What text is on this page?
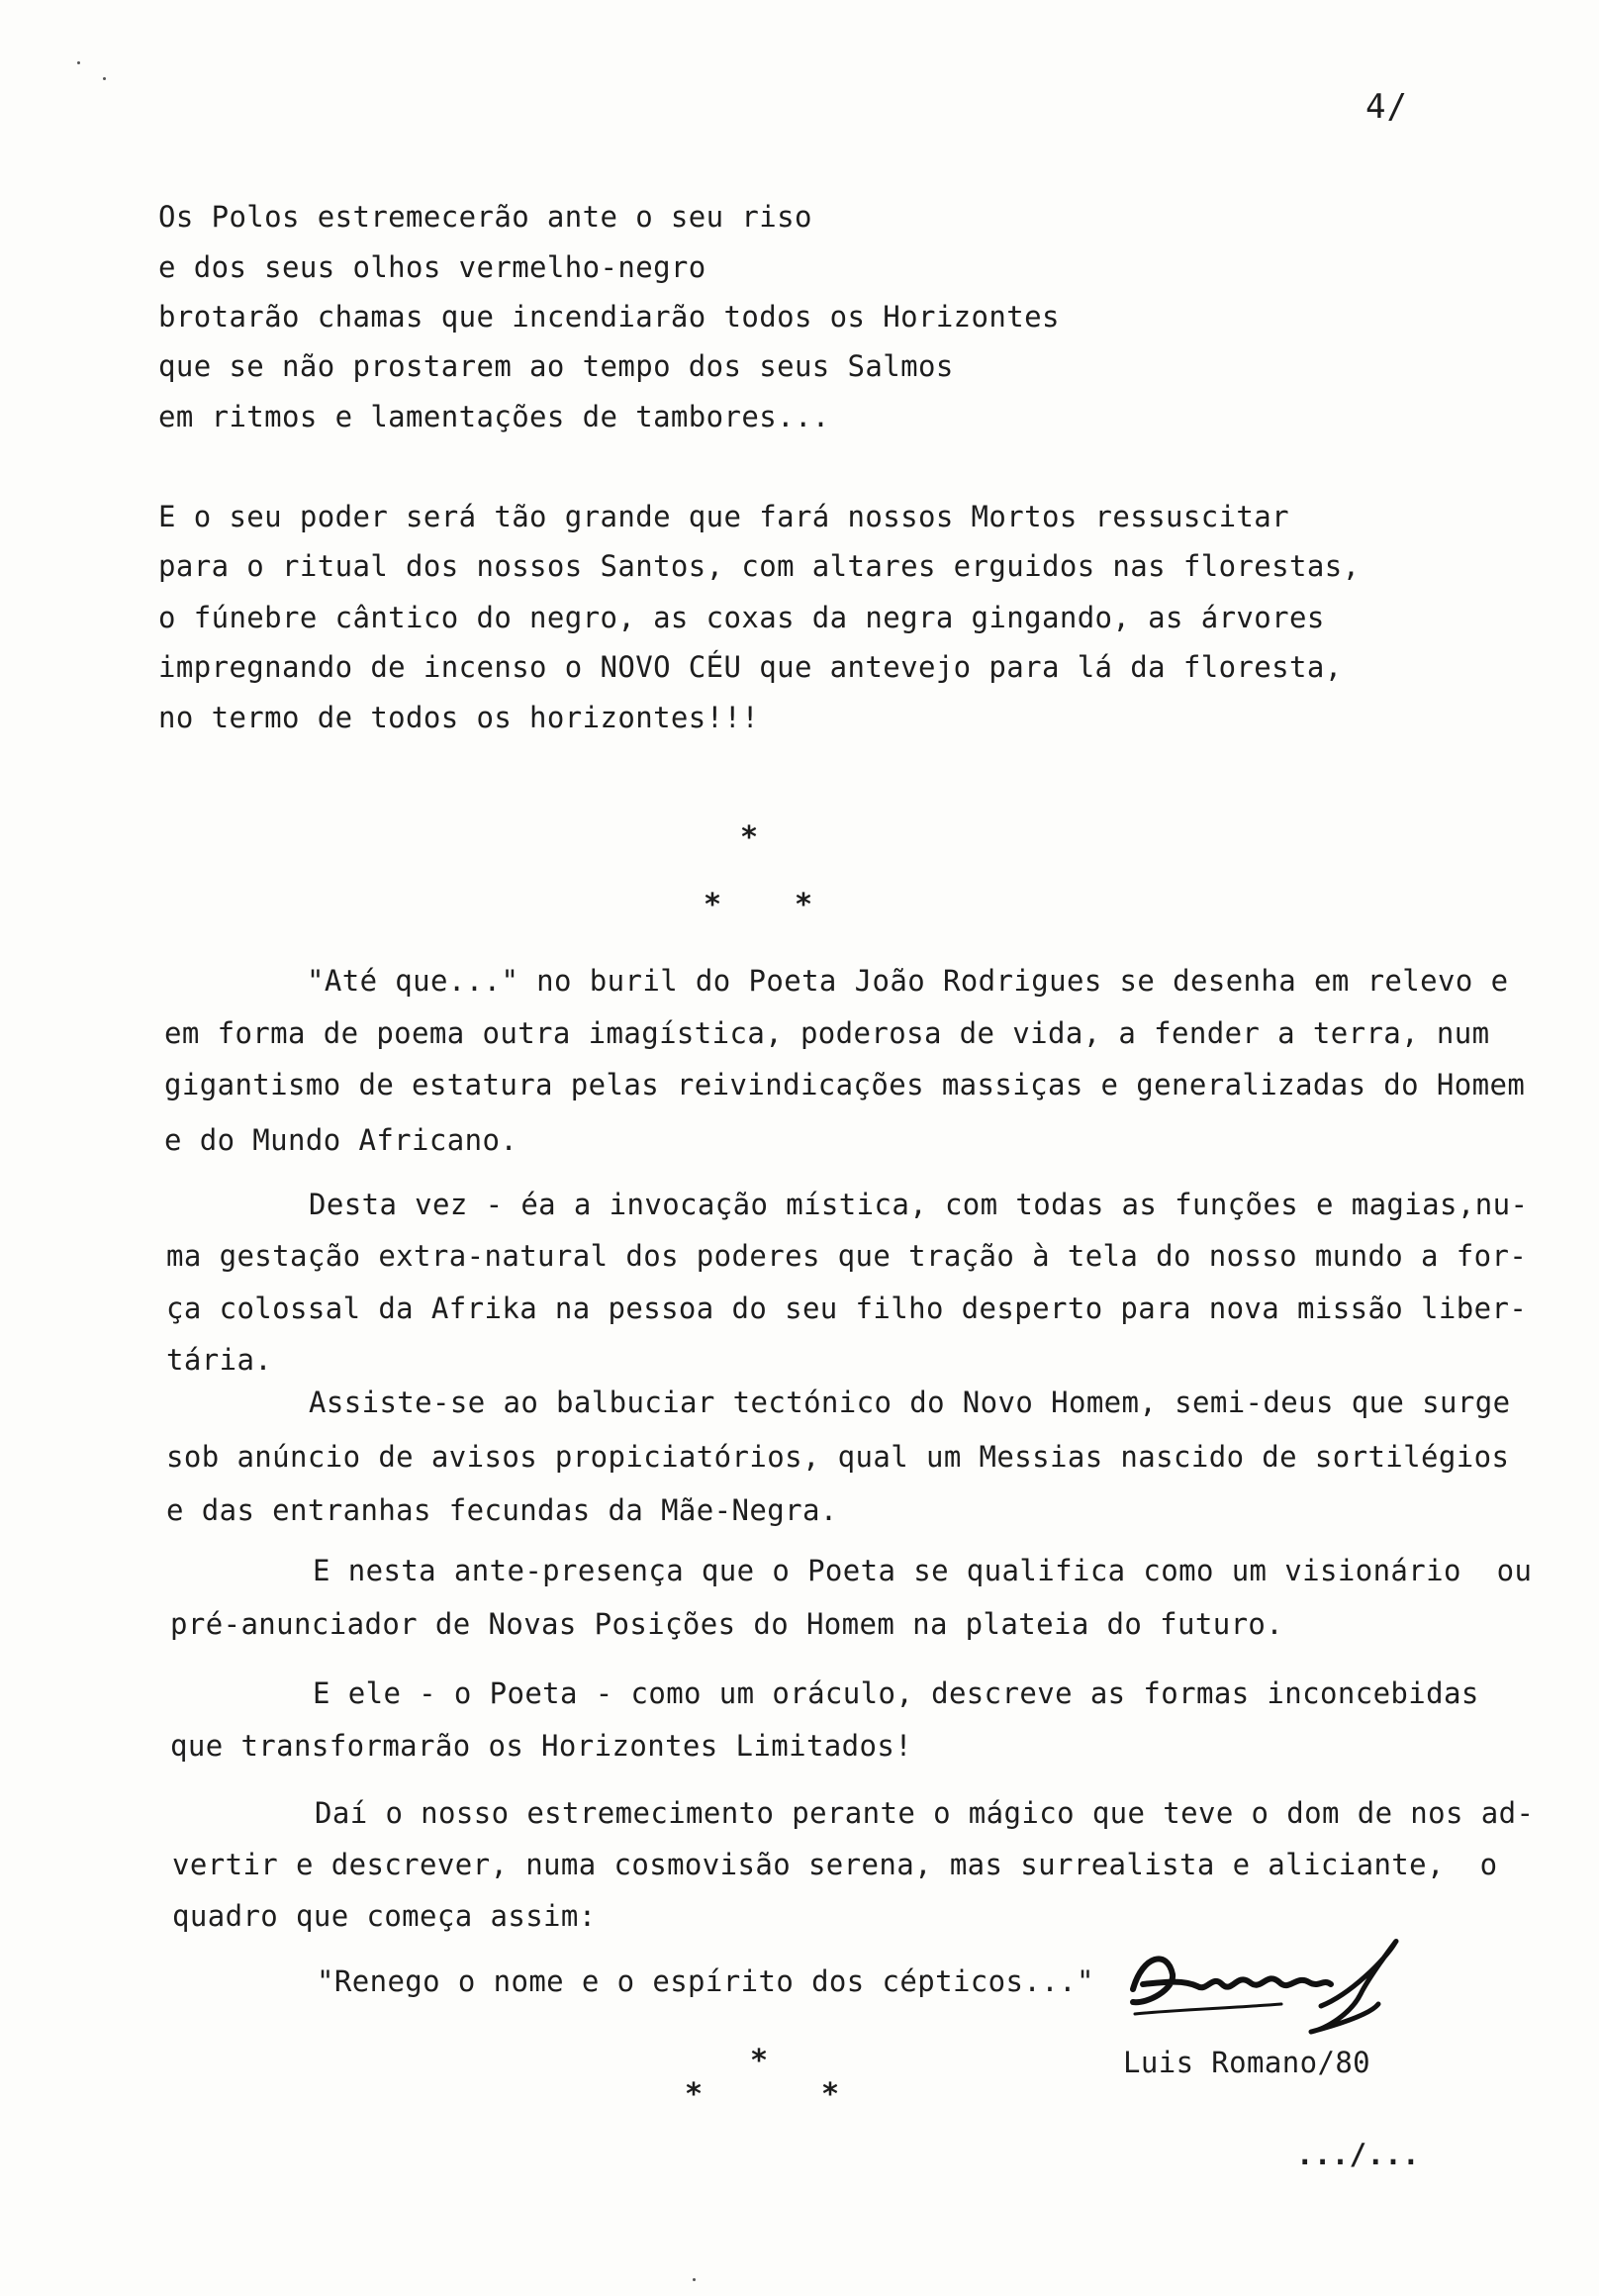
4/
Os Polos estremecerão ante o seu riso
e dos seus olhos vermelho-negro
brotarão chamas que incendiarão todos os Horizontes
que se não prostarem ao tempo dos seus Salmos
em ritmos e lamentações de tambores...
E o seu poder será tão grande que fará nossos Mortos ressuscitar
para o ritual dos nossos Santos, com altares erguidos nas florestas,
o fúnebre cântico do negro, as coxas da negra gingando, as árvores
impregnando de incenso o NOVO CÉU que antevejo para lá da floresta,
no termo de todos os horizontes!!!
*
* *
"Até que..." no buril do Poeta João Rodrigues se desenha em relevo e
em forma de poema outra imagística, poderosa de vida, a fender a terra, num
gigantismo de estatura pelas reivindicações massiças e generalizadas do Homem
e do Mundo Africano.
Desta vez - éa a invocação mística, com todas as funções e magias,nu-
ma gestação extra-natural dos poderes que tração à tela do nosso mundo a for-
ça colossal da Afrika na pessoa do seu filho desperto para nova missão liber-
tária.
Assiste-se ao balbuciar tectónico do Novo Homem, semi-deus que surge
sob anúncio de avisos propiciatórios, qual um Messias nascido de sortilégios
e das entranhas fecundas da Mãe-Negra.
E nesta ante-presença que o Poeta se qualifica como um visionário  ou
pré-anunciador de Novas Posições do Homem na plateia do futuro.
E ele - o Poeta - como um oráculo, descreve as formas inconcebidas
que transformarão os Horizontes Limitados!
Daí o nosso estremecimento perante o mágico que teve o dom de nos ad-
vertir e descrever, numa cosmovisão serena, mas surrealista e aliciante,  o
quadro que começa assim:
"Renego o nome e o espírito dos cépticos..."
*
*	*
Luis Romano/80
.../...
